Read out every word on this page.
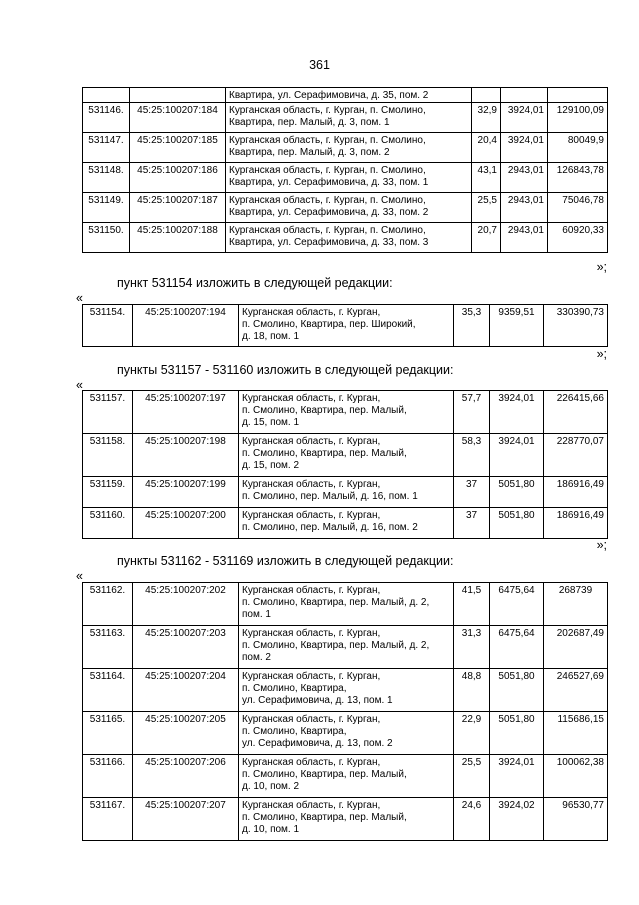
361
		Квартира, ул. Серафимовича, д. 35, пом. 2			
531146.	45:25:100207:184	Курганская область, г. Курган, п. Смолино,
Квартира, пер. Малый, д. 3, пом. 1	32,9	3924,01	129100,09
531147.	45:25:100207:185	Курганская область, г. Курган, п. Смолино,
Квартира, пер. Малый, д. 3, пом. 2	20,4	3924,01	80049,9
531148.	45:25:100207:186	Курганская область, г. Курган, п. Смолино,
Квартира, ул. Серафимовича, д. 33, пом. 1	43,1	2943,01	126843,78
531149.	45:25:100207:187	Курганская область, г. Курган, п. Смолино,
Квартира, ул. Серафимовича, д. 33, пом. 2	25,5	2943,01	75046,78
531150.	45:25:100207:188	Курганская область, г. Курган, п. Смолино,
Квартира, ул. Серафимовича, д. 33, пом. 3	20,7	2943,01	60920,33
»;
пункт 531154 изложить в следующей редакции:
«
531154.	45:25:100207:194	Курганская область, г. Курган,
п. Смолино, Квартира, пер. Широкий,
д. 18, пом. 1	35,3	9359,51	330390,73
»;
пункты 531157 - 531160 изложить в следующей редакции:
«
531157.	45:25:100207:197	Курганская область, г. Курган,
п. Смолино, Квартира, пер. Малый,
д. 15, пом. 1	57,7	3924,01	226415,66
531158.	45:25:100207:198	Курганская область, г. Курган,
п. Смолино, Квартира, пер. Малый,
д. 15, пом. 2	58,3	3924,01	228770,07
531159.	45:25:100207:199	Курганская область, г. Курган,
п. Смолино, пер. Малый, д. 16, пом. 1	37	5051,80	186916,49
531160.	45:25:100207:200	Курганская область, г. Курган,
п. Смолино, пер. Малый, д. 16, пом. 2	37	5051,80	186916,49
»;
пункты 531162 - 531169 изложить в следующей редакции:
«
531162.	45:25:100207:202	Курганская область, г. Курган,
п. Смолино, Квартира, пер. Малый, д. 2,
пом. 1	41,5	6475,64	268739
531163.	45:25:100207:203	Курганская область, г. Курган,
п. Смолино, Квартира, пер. Малый, д. 2,
пом. 2	31,3	6475,64	202687,49
531164.	45:25:100207:204	Курганская область, г. Курган,
п. Смолино, Квартира,
ул. Серафимовича, д. 13, пом. 1	48,8	5051,80	246527,69
531165.	45:25:100207:205	Курганская область, г. Курган,
п. Смолино, Квартира,
ул. Серафимовича, д. 13, пом. 2	22,9	5051,80	115686,15
531166.	45:25:100207:206	Курганская область, г. Курган,
п. Смолино, Квартира, пер. Малый,
д. 10, пом. 2	25,5	3924,01	100062,38
531167.	45:25:100207:207	Курганская область, г. Курган,
п. Смолино, Квартира, пер. Малый,
д. 10, пом. 1	24,6	3924,02	96530,77
